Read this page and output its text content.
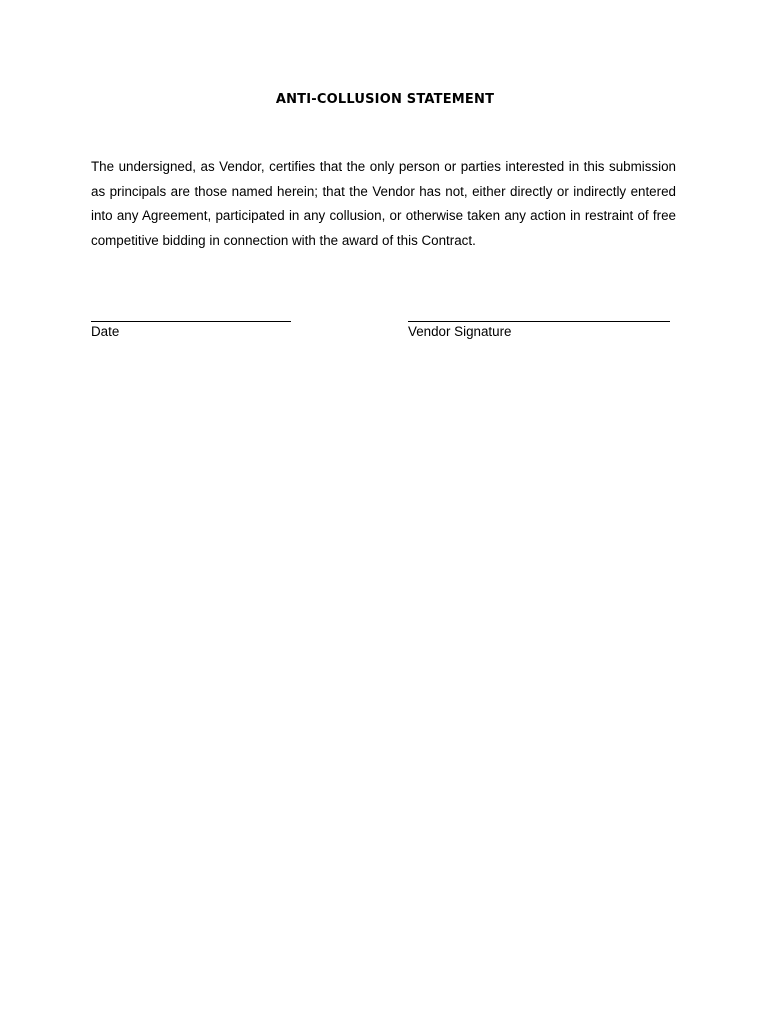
ANTI-COLLUSION STATEMENT

The undersigned, as Vendor, certifies that the only person or parties interested in this submission as principals are those named herein; that the Vendor has not, either directly or indirectly entered into any Agreement, participated in any collusion, or otherwise taken any action in restraint of free competitive bidding in connection with the award of this Contract.

Date	Vendor Signature
